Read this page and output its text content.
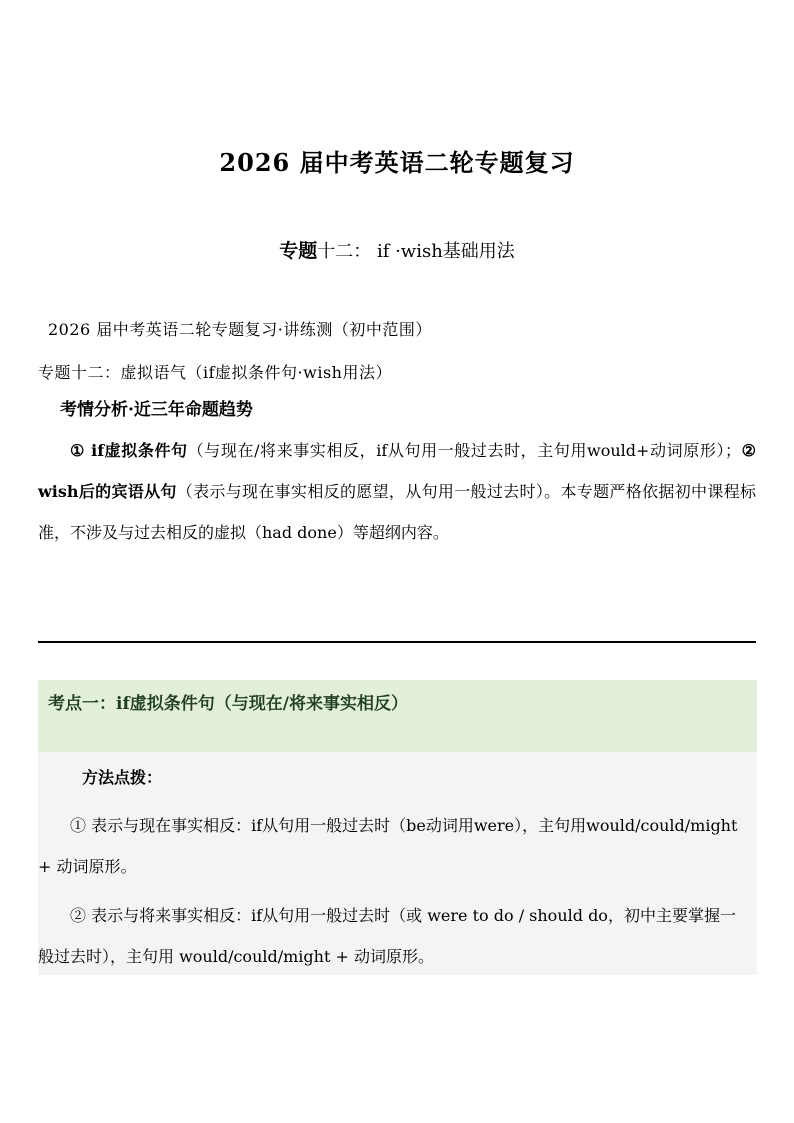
2026 届中考英语二轮专题复习
专题十二： if ·wish基础用法
2026 届中考英语二轮专题复习·讲练测（初中范围）
专题十二：虚拟语气（if虚拟条件句·wish用法）
考情分析·近三年命题趋势
① if虚拟条件句（与现在/将来事实相反，if从句用一般过去时，主句用would+动词原形）；② wish后的宾语从句（表示与现在事实相反的愿望，从句用一般过去时）。本专题严格依据初中课程标准，不涉及与过去相反的虚拟（had done）等超纲内容。
考点一：if虚拟条件句（与现在/将来事实相反）
方法点拨：
① 表示与现在事实相反：if从句用一般过去时（be动词用were），主句用would/could/might + 动词原形。
② 表示与将来事实相反：if从句用一般过去时（或 were to do / should do，初中主要掌握一般过去时），主句用 would/could/might + 动词原形。
